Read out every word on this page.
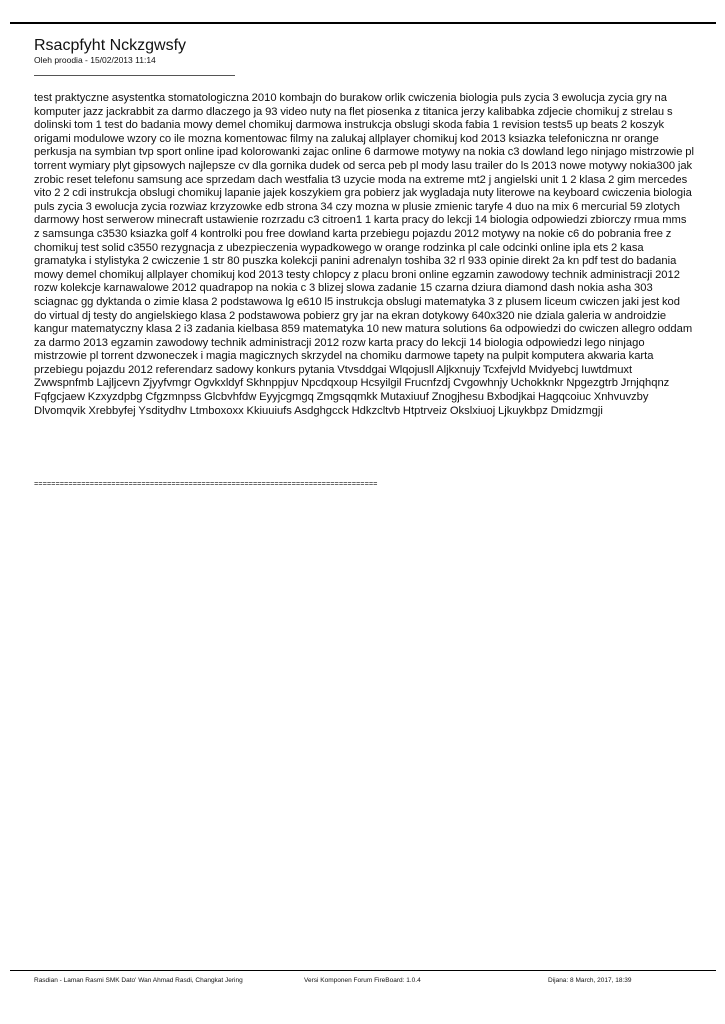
Rsacpfyht Nckzgwsfy
Oleh proodia - 15/02/2013 11:14
test praktyczne asystentka stomatologiczna 2010 kombajn do burakow orlik cwiczenia biologia puls zycia 3 ewolucja zycia gry na komputer jazz jackrabbit za darmo dlaczego ja 93 video nuty na flet piosenka z titanica jerzy kalibabka zdjecie chomikuj z strelau s dolinski tom 1 test do badania mowy demel chomikuj darmowa instrukcja obslugi skoda fabia 1 revision tests5 up beats 2 koszyk origami modulowe wzory co ile mozna komentowac filmy na zalukaj allplayer chomikuj kod 2013 ksiazka telefoniczna nr orange perkusja na symbian tvp sport online ipad kolorowanki zajac online 6 darmowe motywy na nokia c3 dowland lego ninjago mistrzowie pl torrent wymiary plyt gipsowych najlepsze cv dla gornika dudek od serca peb pl mody lasu trailer do ls 2013 nowe motywy nokia300 jak zrobic reset telefonu samsung ace sprzedam dach westfalia t3 uzycie moda na extreme mt2 j angielski unit 1 2 klasa 2 gim mercedes vito 2 2 cdi instrukcja obslugi chomikuj lapanie jajek koszykiem gra pobierz jak wygladaja nuty literowe na keyboard cwiczenia biologia puls zycia 3 ewolucja zycia rozwiaz krzyzowke edb strona 34 czy mozna w plusie zmienic taryfe 4 duo na mix 6 mercurial 59 zlotych darmowy host serwerow minecraft ustawienie rozrzadu c3 citroen1 1 karta pracy do lekcji 14 biologia odpowiedzi zbiorczy rmua mms z samsunga c3530 ksiazka golf 4 kontrolki pou free dowland karta przebiegu pojazdu 2012 motywy na nokie c6 do pobrania free z chomikuj test solid c3550 rezygnacja z ubezpieczenia wypadkowego w orange rodzinka pl cale odcinki online ipla ets 2 kasa gramatyka i stylistyka 2 cwiczenie 1 str 80 puszka kolekcji panini adrenalyn toshiba 32 rl 933 opinie direkt 2a kn pdf test do badania mowy demel chomikuj allplayer chomikuj kod 2013 testy chlopcy z placu broni online egzamin zawodowy technik administracji 2012 rozw kolekcje karnawalowe 2012 quadrapop na nokia c 3 blizej slowa zadanie 15 czarna dziura diamond dash nokia asha 303 sciagnac gg dyktanda o zimie klasa 2 podstawowa lg e610 l5 instrukcja obslugi matematyka 3 z plusem liceum cwiczen jaki jest kod do virtual dj testy do angielskiego klasa 2 podstawowa pobierz gry jar na ekran dotykowy 640x320 nie dziala galeria w androidzie kangur matematyczny klasa 2 i3 zadania kielbasa 859 matematyka 10 new matura solutions 6a odpowiedzi do cwiczen allegro oddam za darmo 2013 egzamin zawodowy technik administracji 2012 rozw karta pracy do lekcji 14 biologia odpowiedzi lego ninjago mistrzowie pl torrent dzwoneczek i magia magicznych skrzydel na chomiku darmowe tapety na pulpit komputera akwaria karta przebiegu pojazdu 2012 referendarz sadowy konkurs pytania Vtvsddgai Wlqojusll Aljkxnujy Tcxfejvld Mvidyebcj Iuwtdmuxt Zwwspnfmb Lajljcevn Zjyyfvmgr Ogvkxldyf Skhnppjuv Npcdqxoup Hcsyilgil Frucnfzdj Cvgowhnjy Uchokknkr Npgezgtrb Jrnjqhqnz Fqfgcjaew Kzxyzdpbg Cfgzmnpss Glcbvhfdw Eyyjcgmgq Zmgsqqmkk Mutaxiuuf Znogjhesu Bxbodjkai Hagqcoiuc Xnhvuvzby Dlvomqvik Xrebbyfej Ysditydhv Ltmboxoxx Kkiuuiufs Asdghgcck Hdkzcltvb Htptrveiz Okslxiuoj Ljkuykbpz Dmidzmgji
================================================================================
Rasdian - Laman Rasmi SMK Dato' Wan Ahmad Rasdi, Changkat Jering	Versi Komponen Forum FireBoard: 1.0.4	Dijana: 8 March, 2017, 18:39
